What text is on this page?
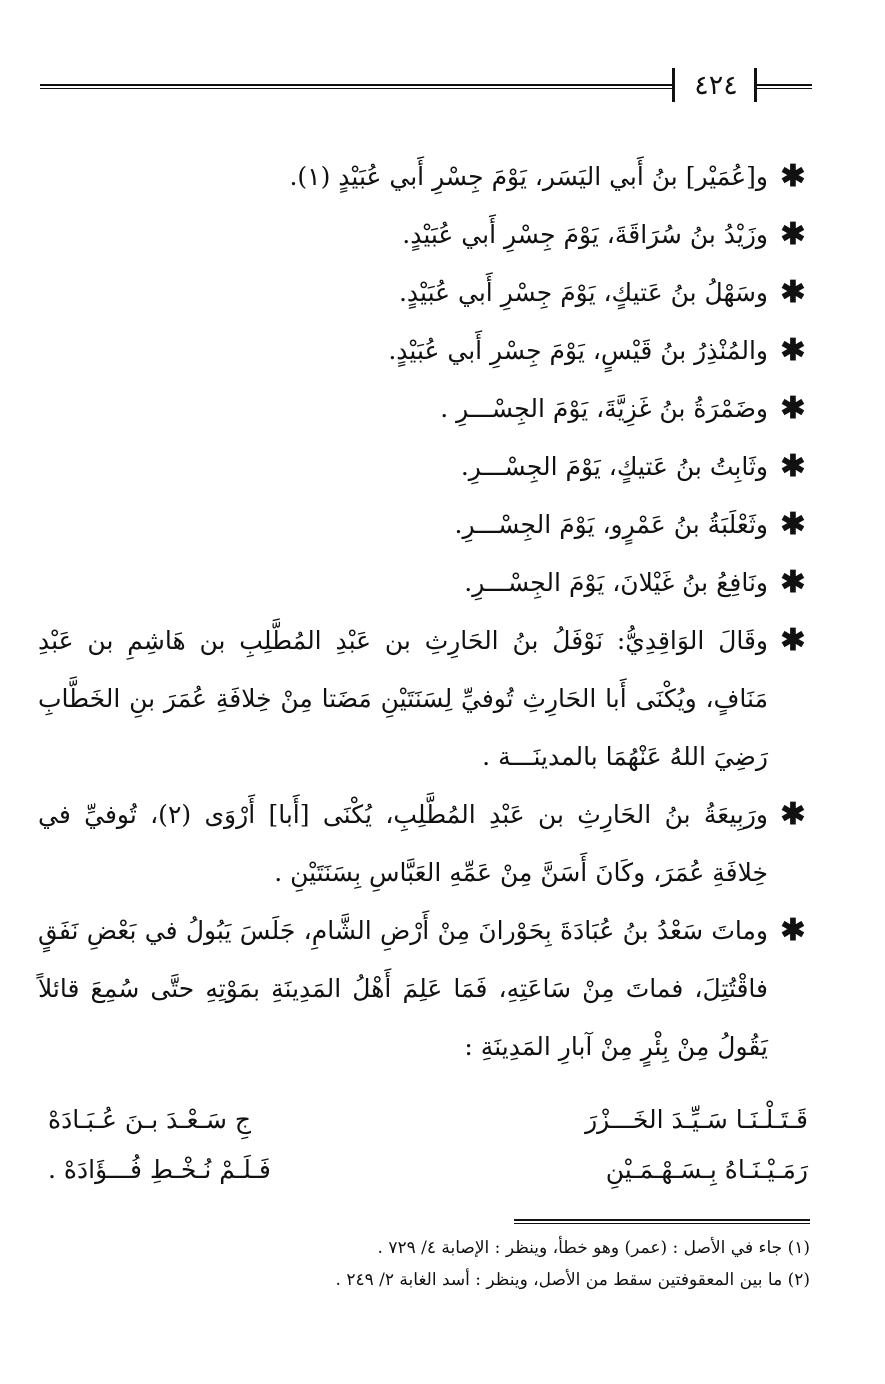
٤٢٤
✱
و[عُمَيْر] بنُ أَبي اليَسَر، يَوْمَ جِسْرِ أَبي عُبَيْدٍ (١).
✱
وزَيْدُ بنُ سُرَاقَةَ، يَوْمَ جِسْرِ أَبي عُبَيْدٍ.
✱
وسَهْلُ بنُ عَتيكٍ، يَوْمَ جِسْرِ أَبي عُبَيْدٍ.
✱
والمُنْذِرُ بنُ قَيْسٍ، يَوْمَ جِسْرِ أَبي عُبَيْدٍ.
✱
وضَمْرَةُ بنُ غَزِيَّةَ، يَوْمَ الجِسْـــرِ .
✱
وثَابِتُ بنُ عَتيكٍ، يَوْمَ الجِسْـــرِ.
✱
وثَعْلَبَةُ بنُ عَمْرٍو، يَوْمَ الجِسْـــرِ.
✱
ونَافِعُ بنُ غَيْلانَ، يَوْمَ الجِسْـــرِ.
✱
وقَالَ الوَاقِدِيُّ: نَوْفَلُ بنُ الحَارِثِ بن عَبْدِ المُطَّلِبِ بن هَاشِمِ بن عَبْدِ مَنَافٍ، ويُكْنَى أَبا الحَارِثِ تُوفيِّ لِسَنَتَيْنِ مَضَتا مِنْ خِلافَةِ عُمَرَ بنِ الخَطَّابِ رَضِيَ اللهُ عَنْهُمَا بالمدينَـــة .
✱
ورَبِيعَةُ بنُ الحَارِثِ بن عَبْدِ المُطَّلِبِ، يُكْنَى [أَبا] أَرْوَى (٢)، تُوفيِّ في خِلافَةِ عُمَرَ، وكَانَ أَسَنَّ مِنْ عَمِّهِ العَبَّاسِ بِسَنَتَيْنِ .
✱
وماتَ سَعْدُ بنُ عُبَادَةَ بِحَوْرانَ مِنْ أَرْضِ الشَّامِ، جَلَسَ يَبُولُ في بَعْضِ نَفَقٍ فاقْتُتِلَ، فماتَ مِنْ سَاعَتِهِ، فَمَا عَلِمَ أَهْلُ المَدِينَةِ بمَوْتِهِ حتَّى سُمِعَ قائلاً يَقُولُ مِنْ بِئْرٍ مِنْ آبارِ المَدِينَةِ :
قَـتَـلْـنَـا سَـيِّـدَ الخَـــزْرَ
جِ سَـعْـدَ بـنَ عُـبَـادَهْ
رَمَـيْـنَـاهُ بِـسَـهْـمَـيْنِ
فَـلَـمْ نُـخْـطِ فُـــؤَادَهْ .
(١) جاء في الأصل : (عمر) وهو خطأ، وينظر : الإصابة ٤/ ٧٢٩ .
(٢) ما بين المعقوفتين سقط من الأصل، وينظر : أسد الغابة ٢/ ٢٤٩ .
